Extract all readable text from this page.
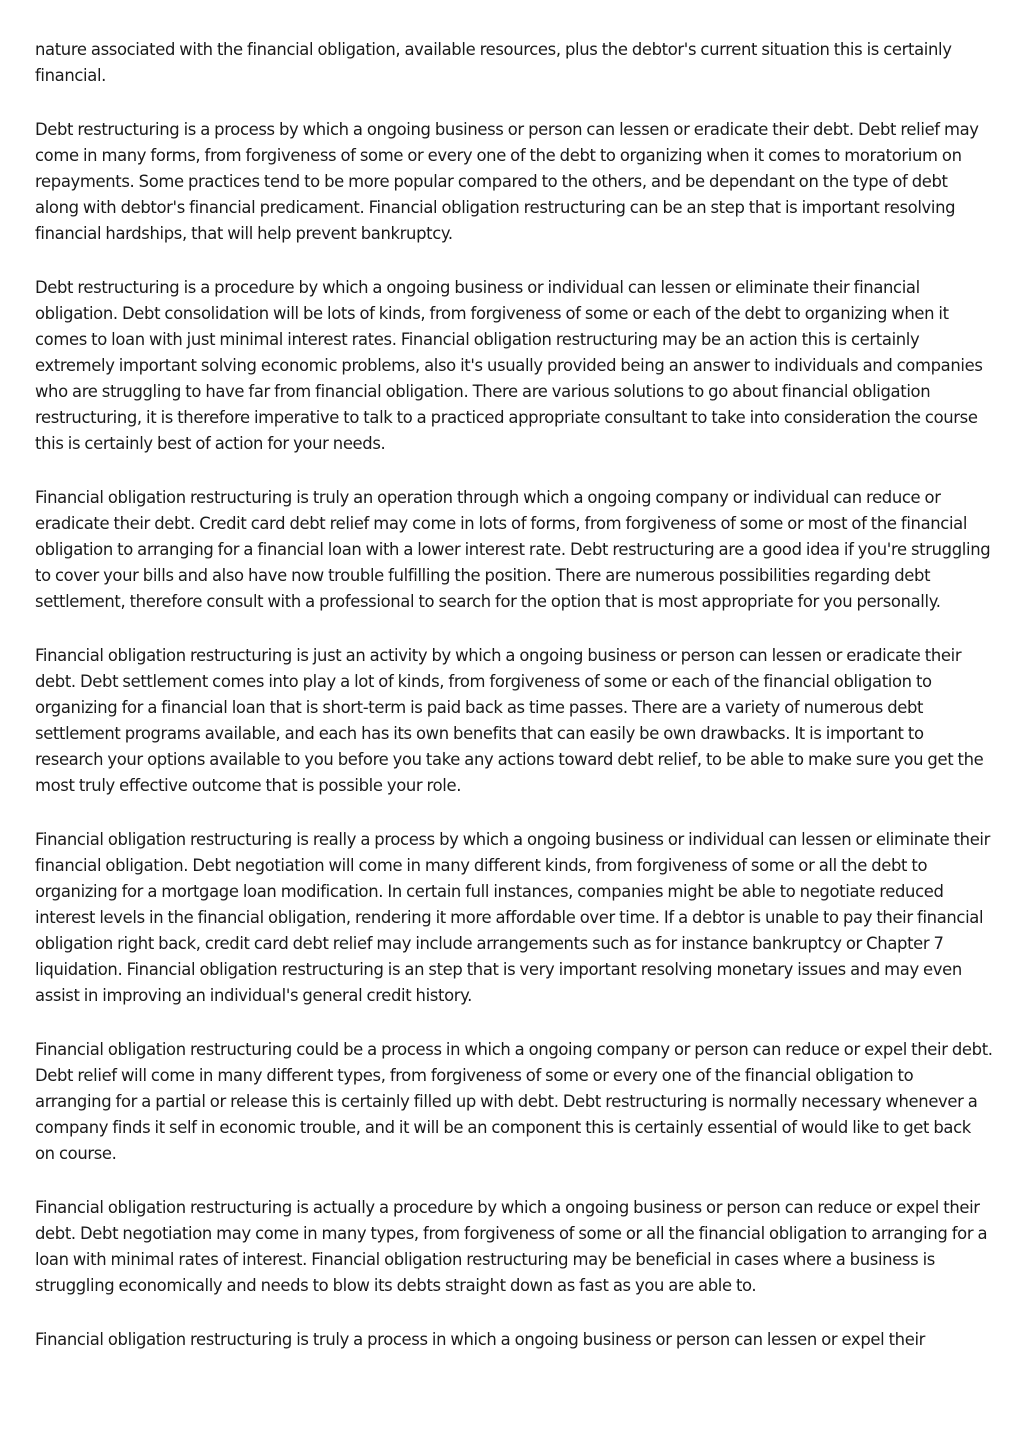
nature associated with the financial obligation, available resources, plus the debtor's current situation this is certainly financial.

Debt restructuring is a process by which a ongoing business or person can lessen or eradicate their debt. Debt relief may come in many forms, from forgiveness of some or every one of the debt to organizing when it comes to moratorium on repayments. Some practices tend to be more popular compared to the others, and be dependant on the type of debt along with debtor's financial predicament. Financial obligation restructuring can be an step that is important resolving financial hardships, that will help prevent bankruptcy.

Debt restructuring is a procedure by which a ongoing business or individual can lessen or eliminate their financial obligation. Debt consolidation will be lots of kinds, from forgiveness of some or each of the debt to organizing when it comes to loan with just minimal interest rates. Financial obligation restructuring may be an action this is certainly extremely important solving economic problems, also it's usually provided being an answer to individuals and companies who are struggling to have far from financial obligation. There are various solutions to go about financial obligation restructuring, it is therefore imperative to talk to a practiced appropriate consultant to take into consideration the course this is certainly best of action for your needs.

Financial obligation restructuring is truly an operation through which a ongoing company or individual can reduce or eradicate their debt. Credit card debt relief may come in lots of forms, from forgiveness of some or most of the financial obligation to arranging for a financial loan with a lower interest rate. Debt restructuring are a good idea if you're struggling to cover your bills and also have now trouble fulfilling the position. There are numerous possibilities regarding debt settlement, therefore consult with a professional to search for the option that is most appropriate for you personally.

Financial obligation restructuring is just an activity by which a ongoing business or person can lessen or eradicate their debt. Debt settlement comes into play a lot of kinds, from forgiveness of some or each of the financial obligation to organizing for a financial loan that is short-term is paid back as time passes. There are a variety of numerous debt settlement programs available, and each has its own benefits that can easily be own drawbacks. It is important to research your options available to you before you take any actions toward debt relief, to be able to make sure you get the most truly effective outcome that is possible your role.

Financial obligation restructuring is really a process by which a ongoing business or individual can lessen or eliminate their financial obligation. Debt negotiation will come in many different kinds, from forgiveness of some or all the debt to organizing for a mortgage loan modification. In certain full instances, companies might be able to negotiate reduced interest levels in the financial obligation, rendering it more affordable over time. If a debtor is unable to pay their financial obligation right back, credit card debt relief may include arrangements such as for instance bankruptcy or Chapter 7 liquidation. Financial obligation restructuring is an step that is very important resolving monetary issues and may even assist in improving an individual's general credit history.

Financial obligation restructuring could be a process in which a ongoing company or person can reduce or expel their debt. Debt relief will come in many different types, from forgiveness of some or every one of the financial obligation to arranging for a partial or release this is certainly filled up with debt. Debt restructuring is normally necessary whenever a company finds it self in economic trouble, and it will be an component this is certainly essential of would like to get back on course.

Financial obligation restructuring is actually a procedure by which a ongoing business or person can reduce or expel their debt. Debt negotiation may come in many types, from forgiveness of some or all the financial obligation to arranging for a loan with minimal rates of interest. Financial obligation restructuring may be beneficial in cases where a business is struggling economically and needs to blow its debts straight down as fast as you are able to.

Financial obligation restructuring is truly a process in which a ongoing business or person can lessen or expel their
